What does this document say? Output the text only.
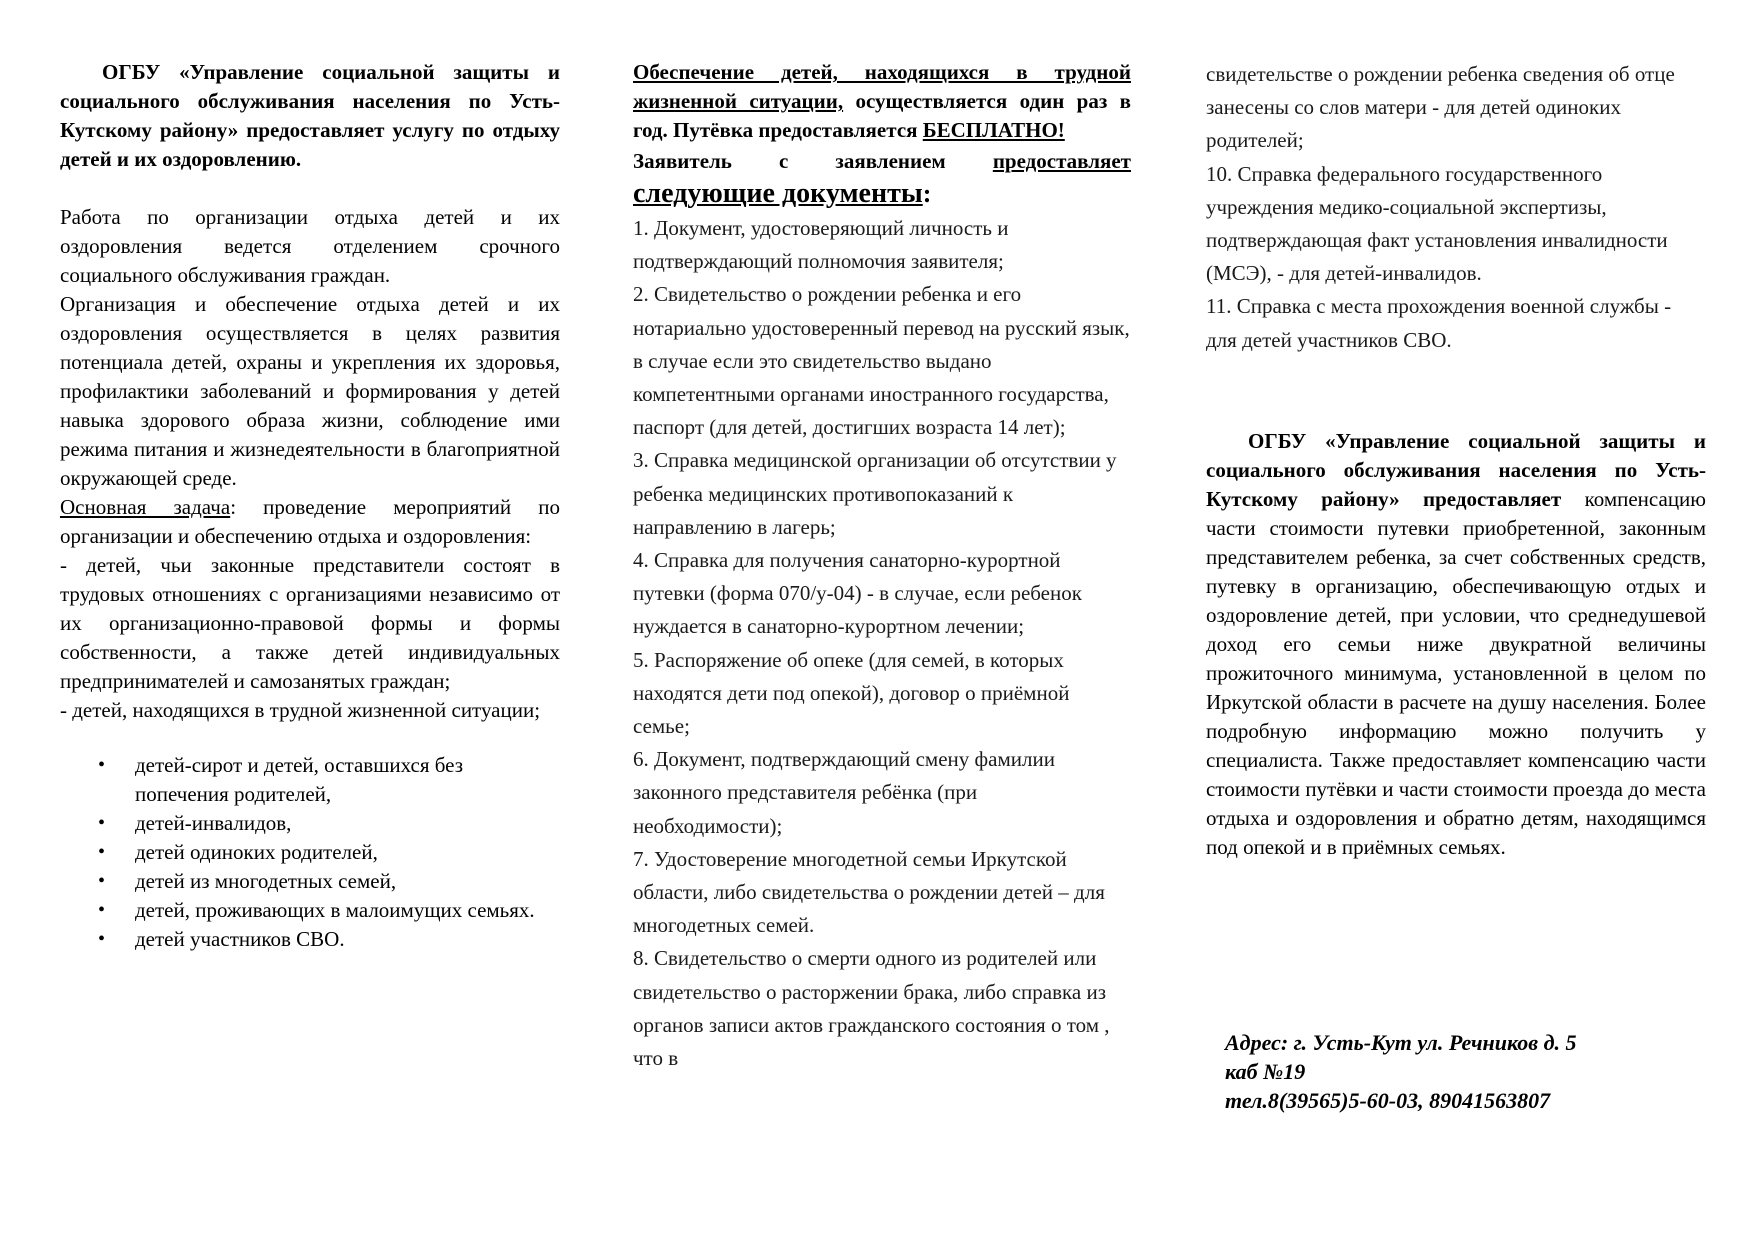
ОГБУ «Управление социальной защиты и социального обслуживания населения по Усть-Кутскому району» предоставляет услугу по отдыху детей и их оздоровлению.

Работа по организации отдыха детей и их оздоровления ведется отделением срочного социального обслуживания граждан.

Организация и обеспечение отдыха детей и их оздоровления осуществляется в целях развития потенциала детей, охраны и укрепления их здоровья, профилактики заболеваний и формирования у детей навыка здорового образа жизни, соблюдение ими режима питания и жизнедеятельности в благоприятной окружающей среде.

Основная задача: проведение мероприятий по организации и обеспечению отдыха и оздоровления:

- детей, чьи законные представители состоят в трудовых отношениях с организациями независимо от их организационно-правовой формы и формы собственности, а также детей индивидуальных предпринимателей и самозанятых граждан;

- детей, находящихся в трудной жизненной ситуации;

• детей-сирот и детей, оставшихся без попечения родителей,
• детей-инвалидов,
• детей одиноких родителей,
• детей из многодетных семей,
• детей, проживающих в малоимущих семьях.
• детей участников СВО.

Обеспечение детей, находящихся в трудной жизненной ситуации, осуществляется один раз в год. Путёвка предоставляется БЕСПЛАТНО!

Заявитель с заявлением предоставляет

следующие документы:

1. Документ, удостоверяющий личность и подтверждающий полномочия заявителя;

2. Свидетельство о рождении ребенка и его нотариально удостоверенный перевод на русский язык, в случае если это свидетельство выдано компетентными органами иностранного государства, паспорт (для детей, достигших возраста 14 лет);

3. Справка медицинской организации об отсутствии у ребенка медицинских противопоказаний к направлению в лагерь;

4. Справка для получения санаторно-курортной путевки (форма 070/у-04) - в случае, если ребенок нуждается в санаторно-курортном лечении;

5. Распоряжение об опеке (для семей, в которых находятся дети под опекой), договор о приёмной семье;

6. Документ, подтверждающий смену фамилии законного представителя ребёнка (при необходимости);

7. Удостоверение многодетной семьи Иркутской области, либо свидетельства о рождении детей – для многодетных семей.

8. Свидетельство о смерти одного из родителей или свидетельство о расторжении брака, либо справка из органов записи актов гражданского состояния о том , что в

свидетельстве о рождении ребенка сведения об отце занесены со слов матери - для детей одиноких родителей;

10. Справка федерального государственного учреждения медико-социальной экспертизы, подтверждающая факт установления инвалидности (МСЭ), - для детей-инвалидов.

11. Справка с места прохождения военной службы - для детей участников СВО.

ОГБУ «Управление социальной защиты и социального обслуживания населения по Усть-Кутскому району» предоставляет компенсацию части стоимости путевки приобретенной, законным представителем ребенка, за счет собственных средств, путевку в организацию, обеспечивающую отдых и оздоровление детей, при условии, что среднедушевой доход его семьи ниже двукратной величины прожиточного минимума, установленной в целом по Иркутской области в расчете на душу населения. Более подробную информацию можно получить у специалиста. Также предоставляет компенсацию части стоимости путёвки и части стоимости проезда до места отдыха и оздоровления и обратно детям, находящимся под опекой и в приёмных семьях.

Адрес: г. Усть-Кут ул. Речников д. 5
каб №19
тел.8(39565)5-60-03, 89041563807
